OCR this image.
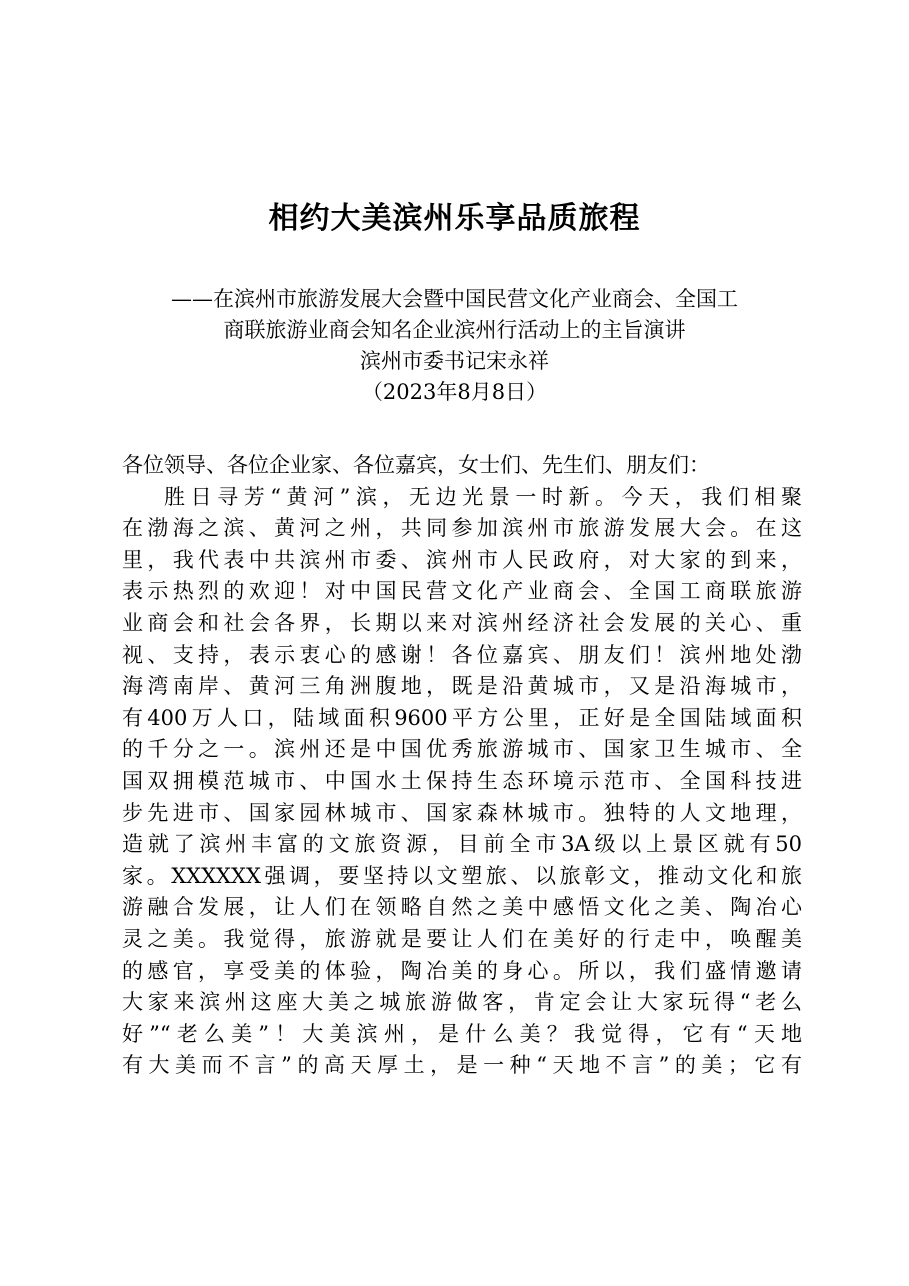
相约大美滨州乐享品质旅程
——在滨州市旅游发展大会暨中国民营文化产业商会、全国工
商联旅游业商会知名企业滨州行活动上的主旨演讲
滨州市委书记宋永祥
（2023年8月8日）
各位领导、各位企业家、各位嘉宾，女士们、先生们、朋友们：
胜日寻芳“黄河”滨，无边光景一时新。今天，我们相聚
在渤海之滨、黄河之州，共同参加滨州市旅游发展大会。在这
里，我代表中共滨州市委、滨州市人民政府，对大家的到来，
表示热烈的欢迎！对中国民营文化产业商会、全国工商联旅游
业商会和社会各界，长期以来对滨州经济社会发展的关心、重
视、支持，表示衷心的感谢！各位嘉宾、朋友们！滨州地处渤
海湾南岸、黄河三角洲腹地，既是沿黄城市，又是沿海城市，
有400万人口，陆域面积9600平方公里，正好是全国陆域面积
的千分之一。滨州还是中国优秀旅游城市、国家卫生城市、全
国双拥模范城市、中国水土保持生态环境示范市、全国科技进
步先进市、国家园林城市、国家森林城市。独特的人文地理，
造就了滨州丰富的文旅资源，目前全市3A级以上景区就有50
家。XXXXXX强调，要坚持以文塑旅、以旅彰文，推动文化和旅
游融合发展，让人们在领略自然之美中感悟文化之美、陶冶心
灵之美。我觉得，旅游就是要让人们在美好的行走中，唤醒美
的感官，享受美的体验，陶冶美的身心。所以，我们盛情邀请
大家来滨州这座大美之城旅游做客，肯定会让大家玩得“老么
好”“老么美”！大美滨州，是什么美？我觉得，它有“天地
有大美而不言”的高天厚土，是一种“天地不言”的美；它有
